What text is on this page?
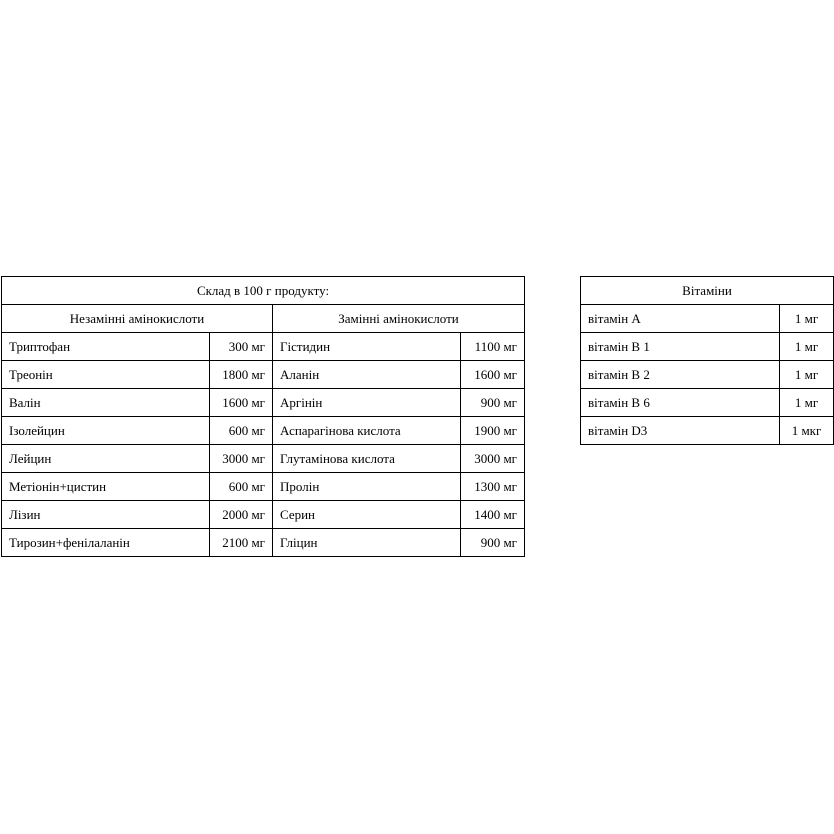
Склад в 100 г продукту:			
Незамінні амінокислоти		Замінні амінокислоти	
Триптофан	300 мг	Гістидин	1100 мг
Треонін	1800 мг	Аланін	1600 мг
Валін	1600 мг	Аргінін	900 мг
Ізолейцин	600 мг	Аспарагінова кислота	1900 мг
Лейцин	3000 мг	Глутамінова кислота	3000 мг
Метіонін+цистин	600 мг	Пролін	1300 мг
Лізин	2000 мг	Серин	1400 мг
Тирозин+фенілаланін	2100 мг	Гліцин	900 мг
Вітаміни	
вітамін А	1 мг
вітамін В 1	1 мг
вітамін В 2	1 мг
вітамін В 6	1 мг
вітамін D3	1 мкг
